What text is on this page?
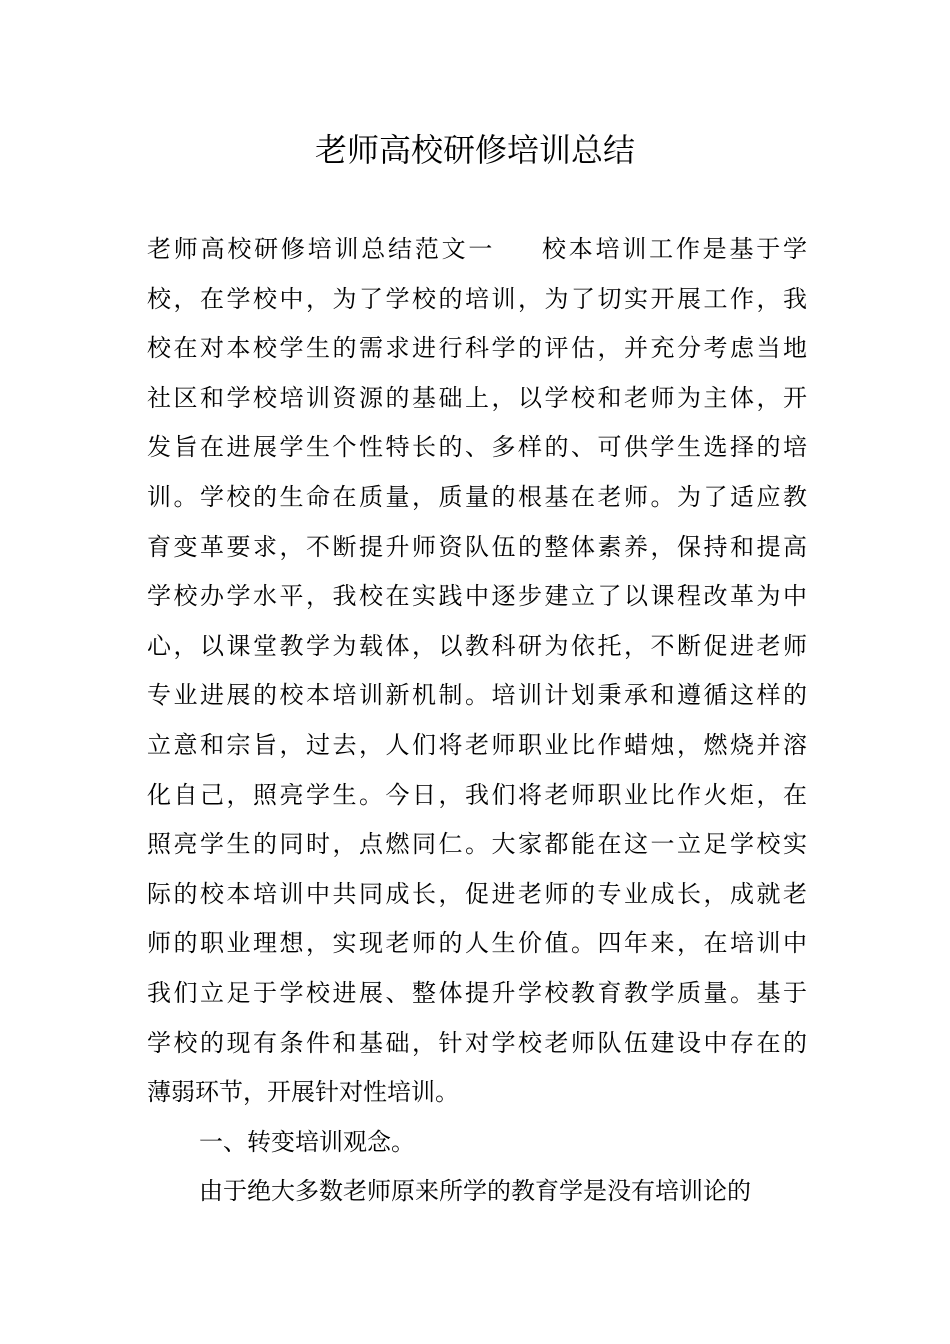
老师高校研修培训总结
老师高校研修培训总结范文一 校本培训工作是基于学
校，在学校中，为了学校的培训，为了切实开展工作，我
校在对本校学生的需求进行科学的评估，并充分考虑当地
社区和学校培训资源的基础上，以学校和老师为主体，开
发旨在进展学生个性特长的、多样的、可供学生选择的培
训。学校的生命在质量，质量的根基在老师。为了适应教
育变革要求，不断提升师资队伍的整体素养，保持和提高
学校办学水平，我校在实践中逐步建立了以课程改革为中
心，以课堂教学为载体，以教科研为依托，不断促进老师
专业进展的校本培训新机制。培训计划秉承和遵循这样的
立意和宗旨，过去，人们将老师职业比作蜡烛，燃烧并溶
化自己，照亮学生。今日，我们将老师职业比作火炬，在
照亮学生的同时，点燃同仁。大家都能在这一立足学校实
际的校本培训中共同成长，促进老师的专业成长，成就老
师的职业理想，实现老师的人生价值。四年来，在培训中
我们立足于学校进展、整体提升学校教育教学质量。基于
学校的现有条件和基础，针对学校老师队伍建设中存在的
薄弱环节，开展针对性培训。
一、转变培训观念。
由于绝大多数老师原来所学的教育学是没有培训论的
